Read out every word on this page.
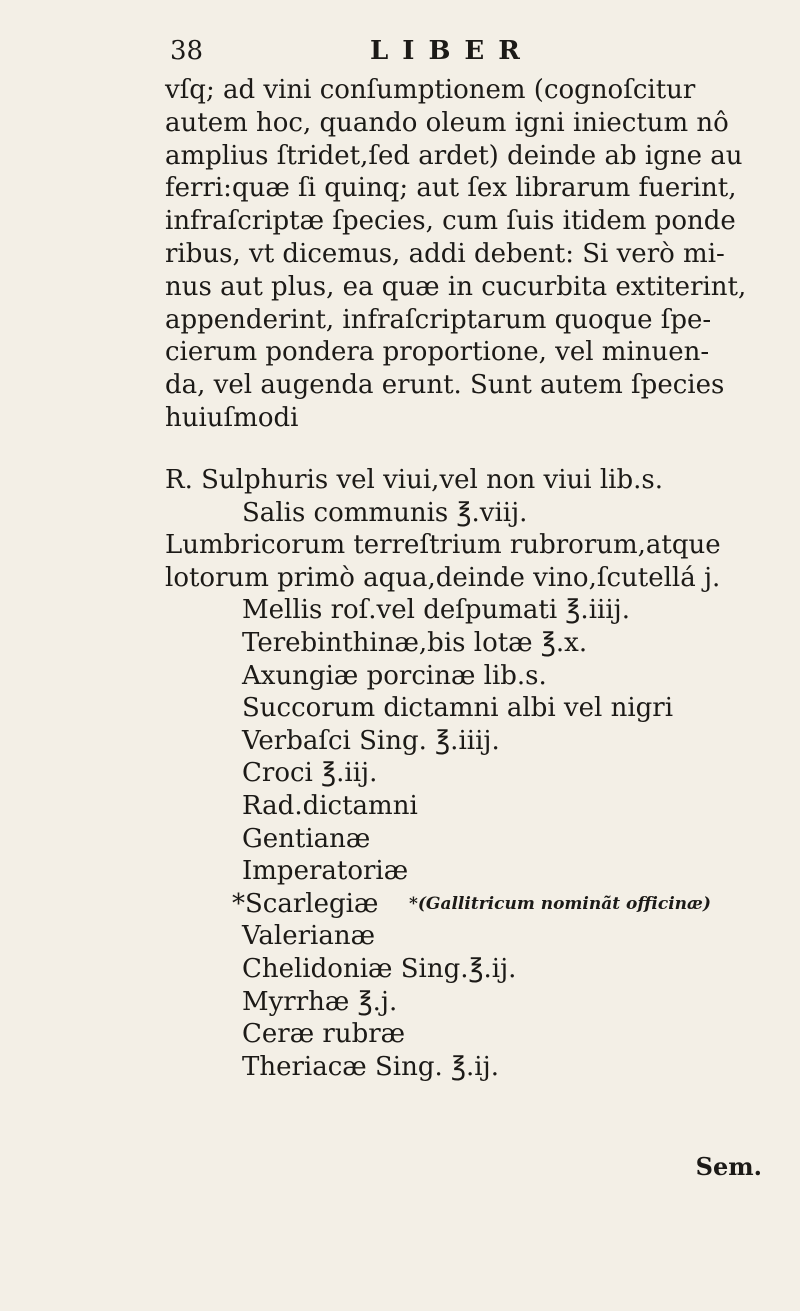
38	LIBER
vſq; ad vini conſumptionem (cognoſcitur
autem hoc, quando oleum igni iniectum nô
amplius ſtridet,ſed ardet) deinde ab igne au
ferri:quæ ſi quinq; aut ſex librarum fuerint,
infraſcriptæ ſpecies, cum ſuis itidem ponde
ribus, vt dicemus, addi debent: Si verò mi-
nus aut plus, ea quæ in cucurbita extiterint,
appenderint, infraſcriptarum quoque ſpe-
cierum pondera proportione, vel minuen-
da, vel augenda erunt. Sunt autem ſpecies
huiuſmodi
R. Sulphuris vel viui,vel non viui lib.s.
Salis communis ℥.viij.
Lumbricorum terreſtrium rubrorum,atque
lotorum primò aqua,deinde vino,ſcutellá j.
Mellis roſ.vel deſpumati ℥.iiij.
Terebinthinæ,bis lotæ ℥.x.
Axungiæ porcinæ lib.s.
Succorum dictamni albi vel nigri
Verbaſci Sing. ℥.iiij.
Croci ℥.iij.
Rad.dictamni
Gentianæ
Imperatoriæ
*Scarlegiæ *(Gallitricum nominãt officinæ)
Valerianæ
Chelidoniæ Sing.℥.ij.
Myrrhæ ℥.j.
Ceræ rubræ
Theriacæ Sing. ℥.ij.
Sem.
